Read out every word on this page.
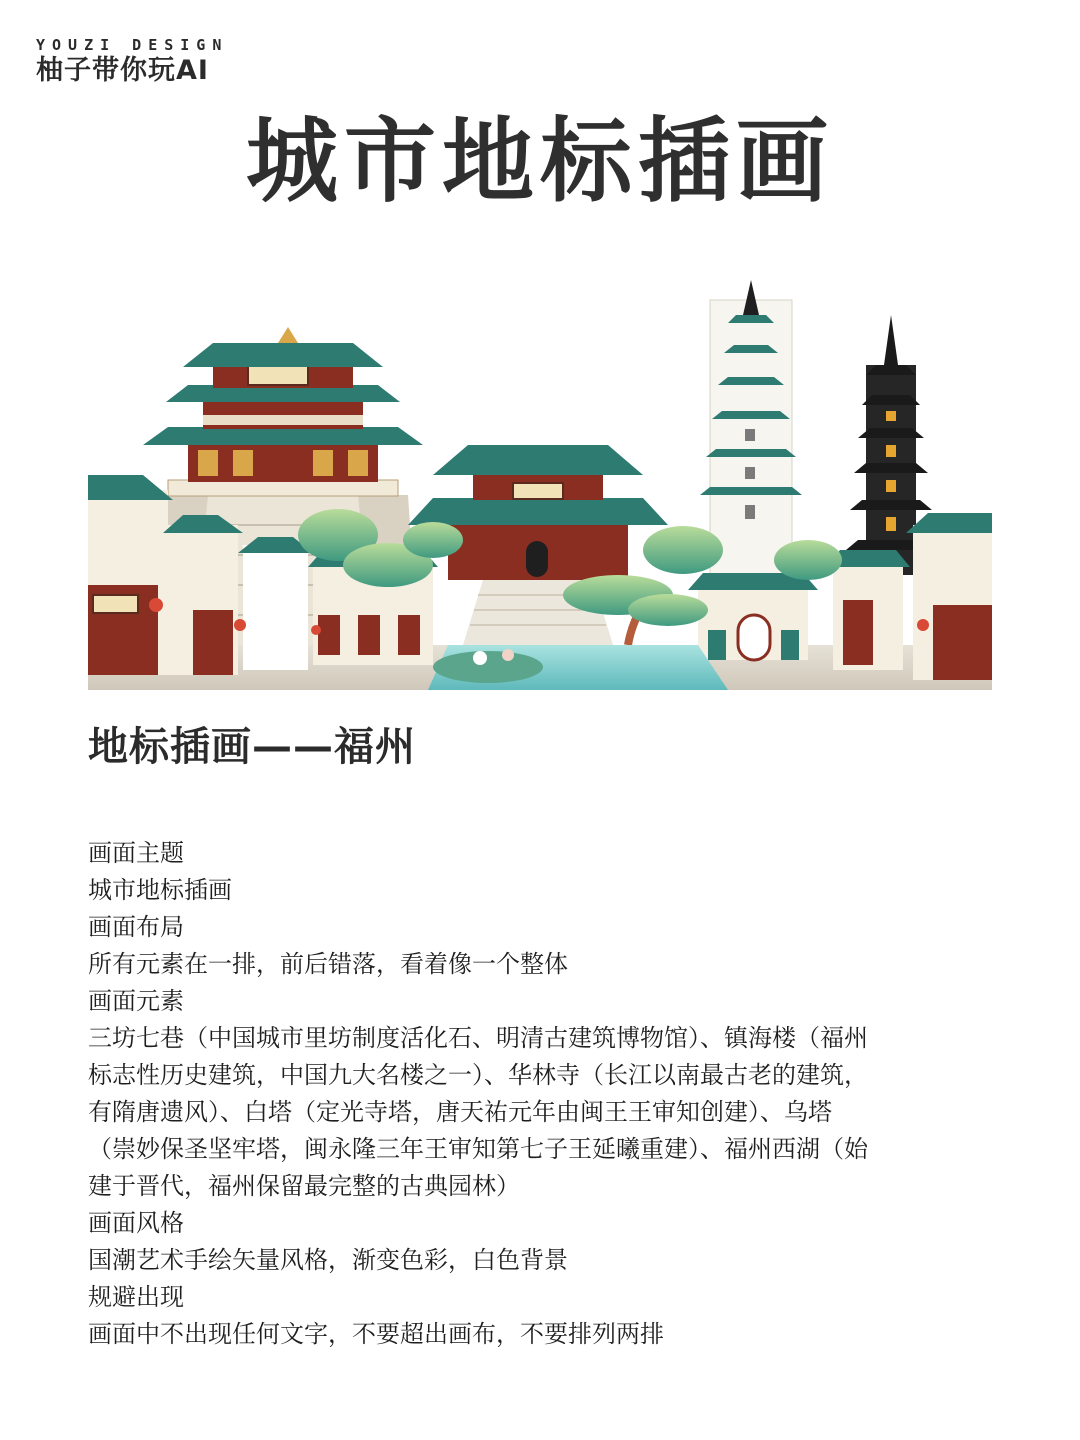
YOUZI DESIGN
柚子带你玩AI
城市地标插画
地标插画——福州

画面主题

城市地标插画

画面布局

所有元素在一排，前后错落，看着像一个整体

画面元素

三坊七巷（中国城市里坊制度活化石、明清古建筑博物馆）、镇海楼（福州

标志性历史建筑，中国九大名楼之一）、华林寺（长江以南最古老的建筑，

有隋唐遗风）、白塔（定光寺塔，唐天祐元年由闽王王审知创建）、乌塔

（崇妙保圣坚牢塔，闽永隆三年王审知第七子王延曦重建）、福州西湖（始

建于晋代，福州保留最完整的古典园林）

画面风格

国潮艺术手绘矢量风格，渐变色彩，白色背景

规避出现

画面中不出现任何文字，不要超出画布，不要排列两排
